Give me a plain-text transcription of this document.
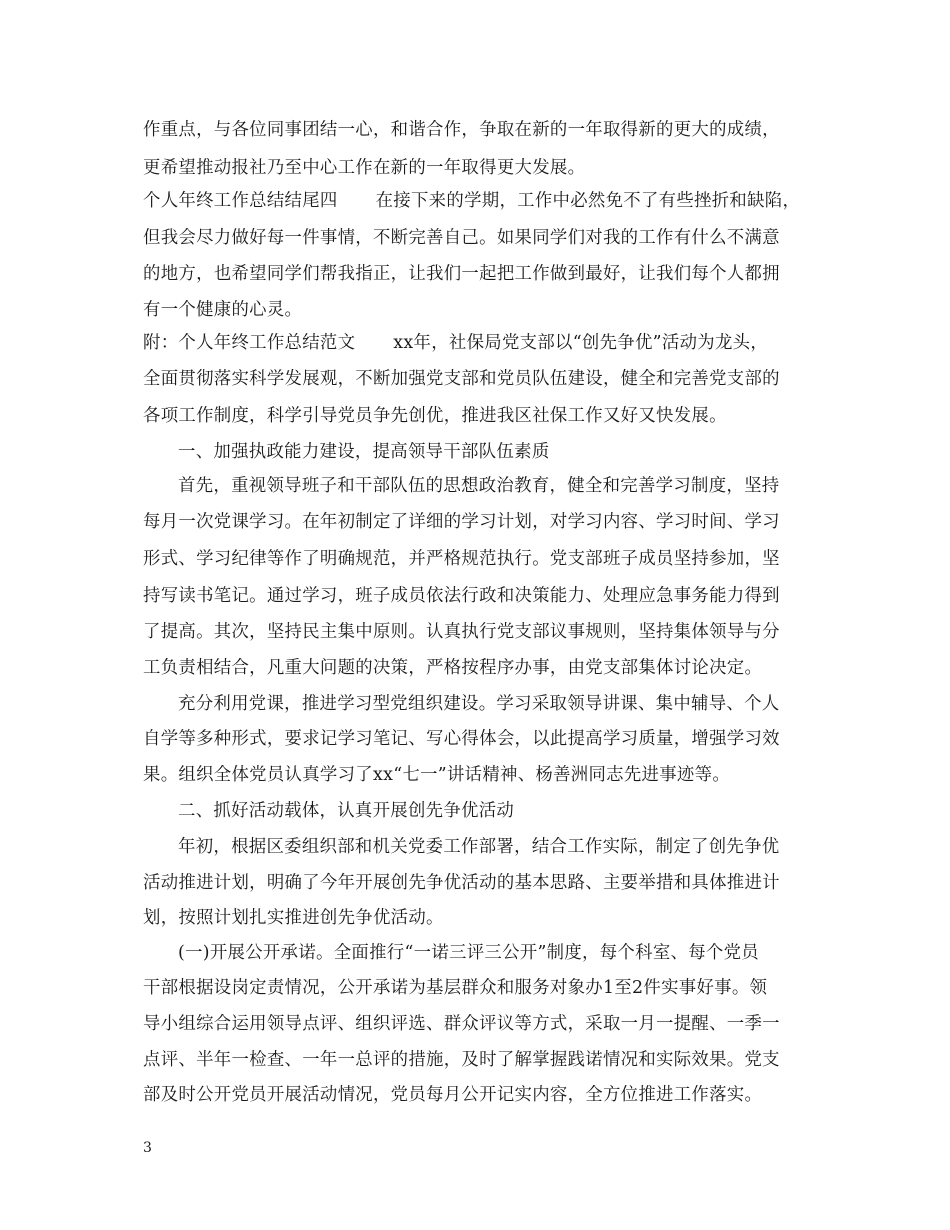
作重点，与各位同事团结一心，和谐合作，争取在新的一年取得新的更大的成绩，
更希望推动报社乃至中心工作在新的一年取得更大发展。
个人年终工作总结结尾四 在接下来的学期，工作中必然免不了有些挫折和缺陷，
但我会尽力做好每一件事情，不断完善自己。如果同学们对我的工作有什么不满意
的地方，也希望同学们帮我指正，让我们一起把工作做到最好，让我们每个人都拥
有一个健康的心灵。
附：个人年终工作总结范文 xx年，社保局党支部以“创先争优”活动为龙头，
全面贯彻落实科学发展观，不断加强党支部和党员队伍建设，健全和完善党支部的
各项工作制度，科学引导党员争先创优，推进我区社保工作又好又快发展。
一、加强执政能力建设，提高领导干部队伍素质
首先，重视领导班子和干部队伍的思想政治教育，健全和完善学习制度，坚持
每月一次党课学习。在年初制定了详细的学习计划，对学习内容、学习时间、学习
形式、学习纪律等作了明确规范，并严格规范执行。党支部班子成员坚持参加，坚
持写读书笔记。通过学习，班子成员依法行政和决策能力、处理应急事务能力得到
了提高。其次，坚持民主集中原则。认真执行党支部议事规则，坚持集体领导与分
工负责相结合，凡重大问题的决策，严格按程序办事，由党支部集体讨论决定。
充分利用党课，推进学习型党组织建设。学习采取领导讲课、集中辅导、个人
自学等多种形式，要求记学习笔记、写心得体会，以此提高学习质量，增强学习效
果。组织全体党员认真学习了xx“七一”讲话精神、杨善洲同志先进事迹等。
二、抓好活动载体，认真开展创先争优活动
年初，根据区委组织部和机关党委工作部署，结合工作实际，制定了创先争优
活动推进计划，明确了今年开展创先争优活动的基本思路、主要举措和具体推进计
划，按照计划扎实推进创先争优活动。
(一)开展公开承诺。全面推行“一诺三评三公开”制度，每个科室、每个党员
干部根据设岗定责情况，公开承诺为基层群众和服务对象办1至2件实事好事。领
导小组综合运用领导点评、组织评选、群众评议等方式，采取一月一提醒、一季一
点评、半年一检查、一年一总评的措施，及时了解掌握践诺情况和实际效果。党支
部及时公开党员开展活动情况，党员每月公开记实内容，全方位推进工作落实。
3
